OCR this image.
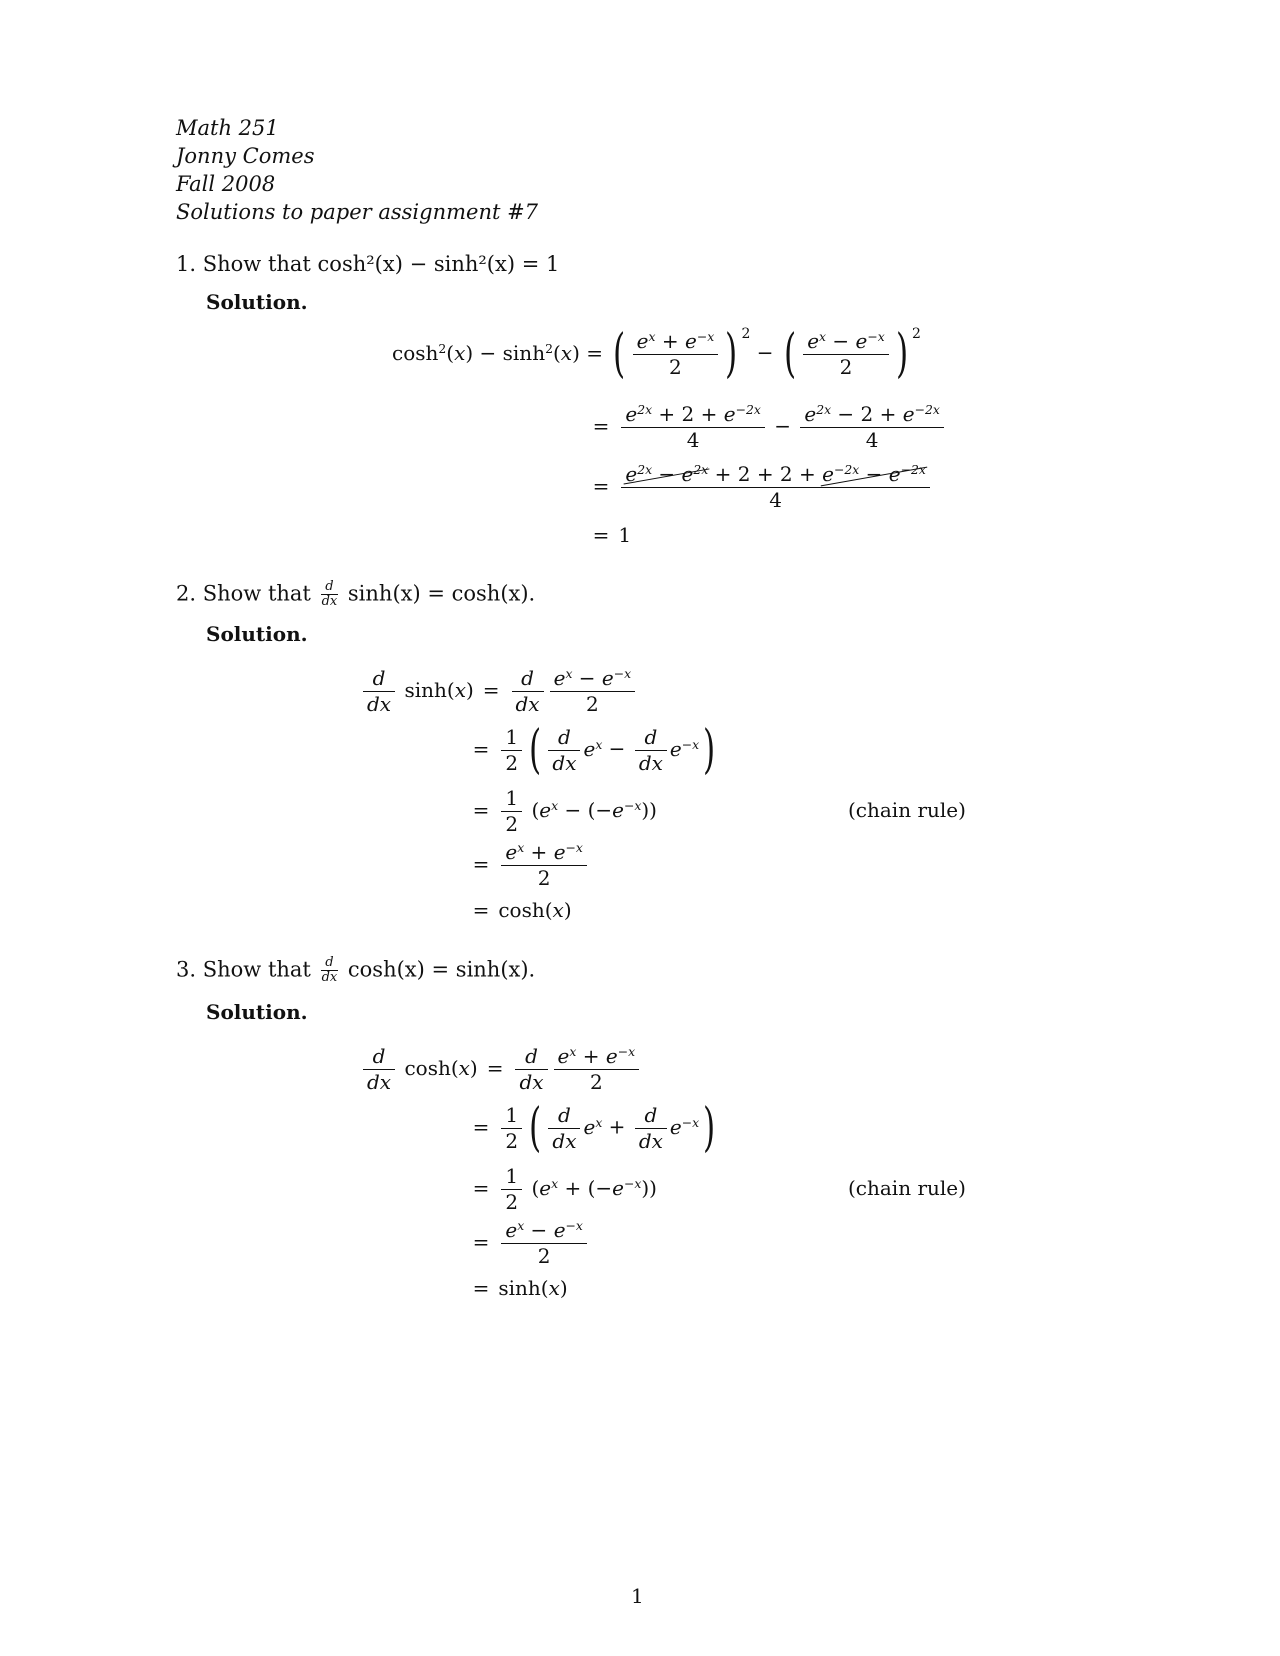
Math 251
Jonny Comes
Fall 2008
Solutions to paper assignment #7
1. Show that cosh²(x) − sinh²(x) = 1
Solution.
$\cosh^2(x) - \sinh^2(x)$ = ( $\frac{e^x + e^{-x}}{2}$ ) $^2$ − ( $\frac{e^x - e^{-x}}{2}$ ) $^2$
= $\frac{e^{2x} + 2 + e^{-2x}}{4} - \frac{e^{2x} - 2 + e^{-2x}}{4}$
= $\frac{e^{2x} - e^{2x} + 2 + 2 + e^{-2x} - e^{-2x}}{4}$
= 1
2. Show that $\frac{d}{dx} \sinh(x) = \cosh(x)$.
Solution.
$\frac{d}{dx} \sinh(x) = \frac{d}{dx} \frac{e^x - e^{-x}}{2}$
= $\frac{1}{2}$ ( $\frac{d}{dx} e^x - \frac{d}{dx} e^{-x}$)
= $\frac{1}{2} (e^x - (-e^{-x}))$	(chain rule)
= $\frac{e^x + e^{-x}}{2}$
= cosh(x)
3. Show that $\frac{d}{dx} \cosh(x) = \sinh(x)$.
Solution.
$\frac{d}{dx} \cosh(x) = \frac{d}{dx} \frac{e^x + e^{-x}}{2}$
= $\frac{1}{2}$ ( $\frac{d}{dx} e^x + \frac{d}{dx} e^{-x}$)
= $\frac{1}{2} (e^x + (-e^{-x}))$	(chain rule)
= $\frac{e^x - e^{-x}}{2}$
= sinh(x)
1
